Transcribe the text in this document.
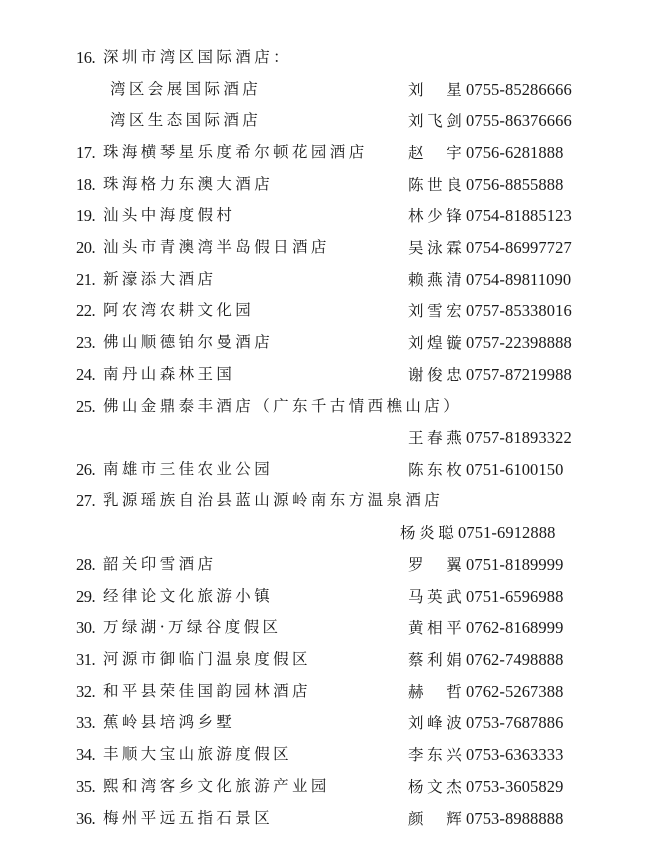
16. 深圳市湾区国际酒店：
湾区会展国际酒店	刘　星0755-85286666
湾区生态国际酒店	刘飞剑0755-86376666
17. 珠海横琴星乐度希尔顿花园酒店	赵　宇0756-6281888
18. 珠海格力东澳大酒店	陈世良0756-8855888
19. 汕头中海度假村	林少锋0754-81885123
20. 汕头市青澳湾半岛假日酒店	吴泳霖0754-86997727
21. 新濠添大酒店	赖燕清0754-89811090
22. 阿农湾农耕文化园	刘雪宏0757-85338016
23. 佛山顺德铂尔曼酒店	刘煌镟0757-22398888
24. 南丹山森林王国	谢俊忠0757-87219988
25. 佛山金鼎泰丰酒店（广东千古情西樵山店）
王春燕0757-81893322
26. 南雄市三佳农业公园	陈东枚0751-6100150
27. 乳源瑶族自治县蓝山源岭南东方温泉酒店
杨炎聪0751-6912888
28. 韶关印雪酒店	罗　翼0751-8189999
29. 经律论文化旅游小镇	马英武0751-6596988
30. 万绿湖·万绿谷度假区	黄相平0762-8168999
31. 河源市御临门温泉度假区	蔡利娟0762-7498888
32. 和平县荣佳国韵园林酒店	赫　哲0762-5267388
33. 蕉岭县培鸿乡墅	刘峰波0753-7687886
34. 丰顺大宝山旅游度假区	李东兴0753-6363333
35. 熙和湾客乡文化旅游产业园	杨文杰0753-3605829
36. 梅州平远五指石景区	颜　辉0753-8988888
